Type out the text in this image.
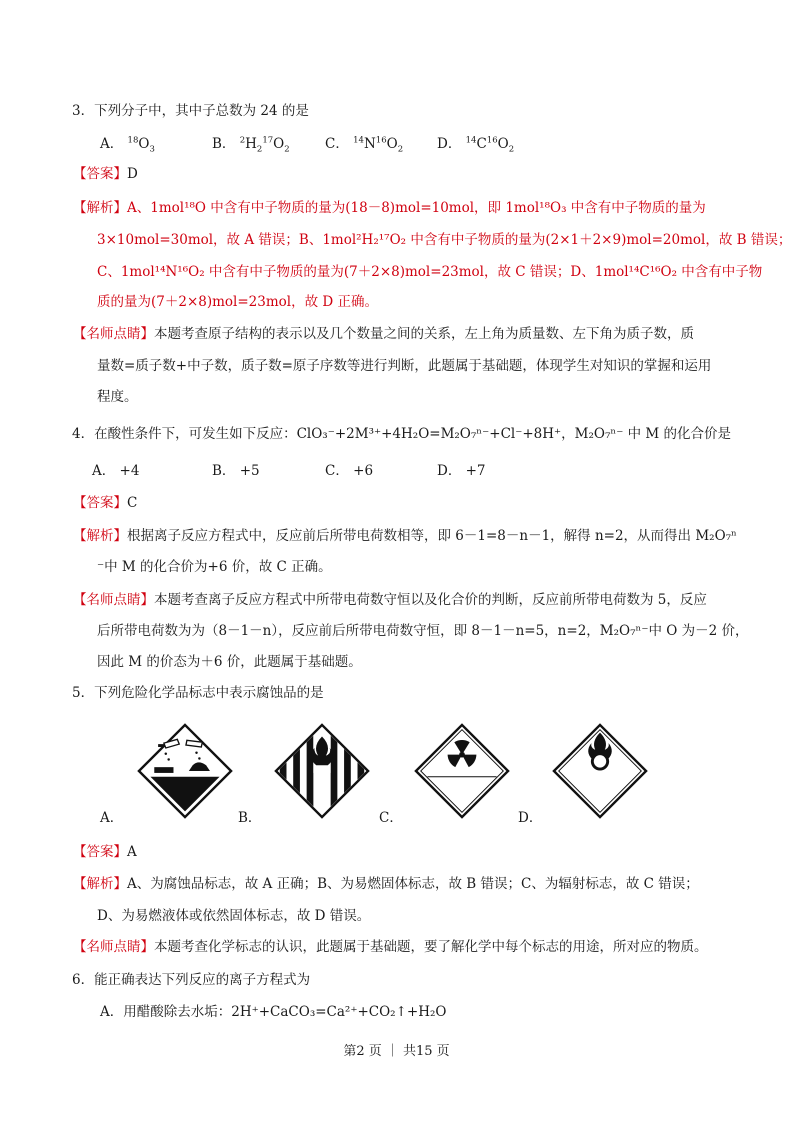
3．下列分子中，其中子总数为 24 的是
A． $^{18}O_3$	B． $^2H_2^{17}O_2$	C． $^{14}N^{16}O_2$	D． $^{14}C^{16}O_2$
【答案】D
【解析】A、1mol¹⁸O 中含有中子物质的量为(18－8)mol=10mol，即 1mol¹⁸O₃ 中含有中子物质的量为
3×10mol=30mol，故 A 错误；B、1mol²H₂¹⁷O₂ 中含有中子物质的量为(2×1＋2×9)mol=20mol，故 B 错误；
C、1mol¹⁴N¹⁶O₂ 中含有中子物质的量为(7＋2×8)mol=23mol，故 C 错误；D、1mol¹⁴C¹⁶O₂ 中含有中子物
质的量为(7＋2×8)mol=23mol，故 D 正确。
【名师点睛】本题考查原子结构的表示以及几个数量之间的关系，左上角为质量数、左下角为质子数，质
量数=质子数+中子数，质子数=原子序数等进行判断，此题属于基础题，体现学生对知识的掌握和运用
程度。
4．在酸性条件下，可发生如下反应：ClO₃⁻+2M³⁺+4H₂O=M₂O₇ⁿ⁻+Cl⁻+8H⁺，M₂O₇ⁿ⁻ 中 M 的化合价是
A． +4	B． +5	C． +6	D． +7
【答案】C
【解析】根据离子反应方程式中，反应前后所带电荷数相等，即 6－1=8－n－1，解得 n=2，从而得出 M₂O₇ⁿ
⁻中 M 的化合价为+6 价，故 C 正确。
【名师点睛】本题考查离子反应方程式中所带电荷数守恒以及化合价的判断，反应前所带电荷数为 5，反应
后所带电荷数为为（8－1－n），反应前后所带电荷数守恒，即 8－1－n=5，n=2，M₂O₇ⁿ⁻中 O 为－2 价，
因此 M 的价态为＋6 价，此题属于基础题。
5．下列危险化学品标志中表示腐蚀品的是
A．	B．	C．	D．
【答案】A
【解析】A、为腐蚀品标志，故 A 正确；B、为易燃固体标志，故 B 错误；C、为辐射标志，故 C 错误；
D、为易燃液体或依然固体标志，故 D 错误。
【名师点睛】本题考查化学标志的认识，此题属于基础题，要了解化学中每个标志的用途，所对应的物质。
6．能正确表达下列反应的离子方程式为
A．用醋酸除去水垢：2H⁺+CaCO₃=Ca²⁺+CO₂↑+H₂O
第2 页 ｜ 共15 页
